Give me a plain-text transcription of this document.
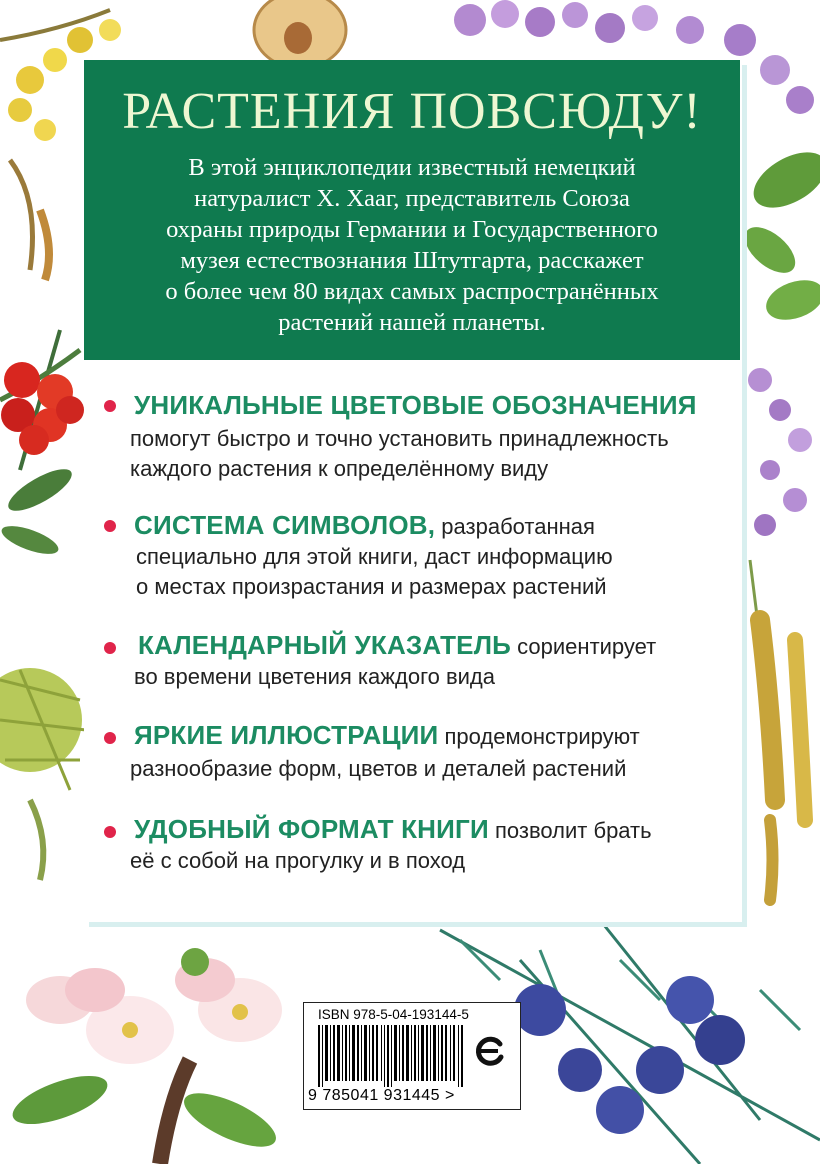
РАСТЕНИЯ ПОВСЮДУ!
В этой энциклопедии известный немецкий
натуралист Х. Хааг, представитель Союза
охраны природы Германии и Государственного
музея естествознания Штутгарта, расскажет
о более чем 80 видах самых распространённых
растений нашей планеты.
УНИКАЛЬНЫЕ ЦВЕТОВЫЕ ОБОЗНАЧЕНИЯ
помогут быстро и точно установить принадлежность
каждого растения к определённому виду
СИСТЕМА СИМВОЛОВ, разработанная
специально для этой книги, даст информацию
о местах произрастания и размерах растений
КАЛЕНДАРНЫЙ УКАЗАТЕЛЬ сориентирует
во времени цветения каждого вида
ЯРКИЕ ИЛЛЮСТРАЦИИ продемонстрируют
разнообразие форм, цветов и деталей растений
УДОБНЫЙ ФОРМАТ КНИГИ позволит брать
её с собой на прогулку и в поход
ISBN 978-5-04-193144-5
9 785041 931445 >
